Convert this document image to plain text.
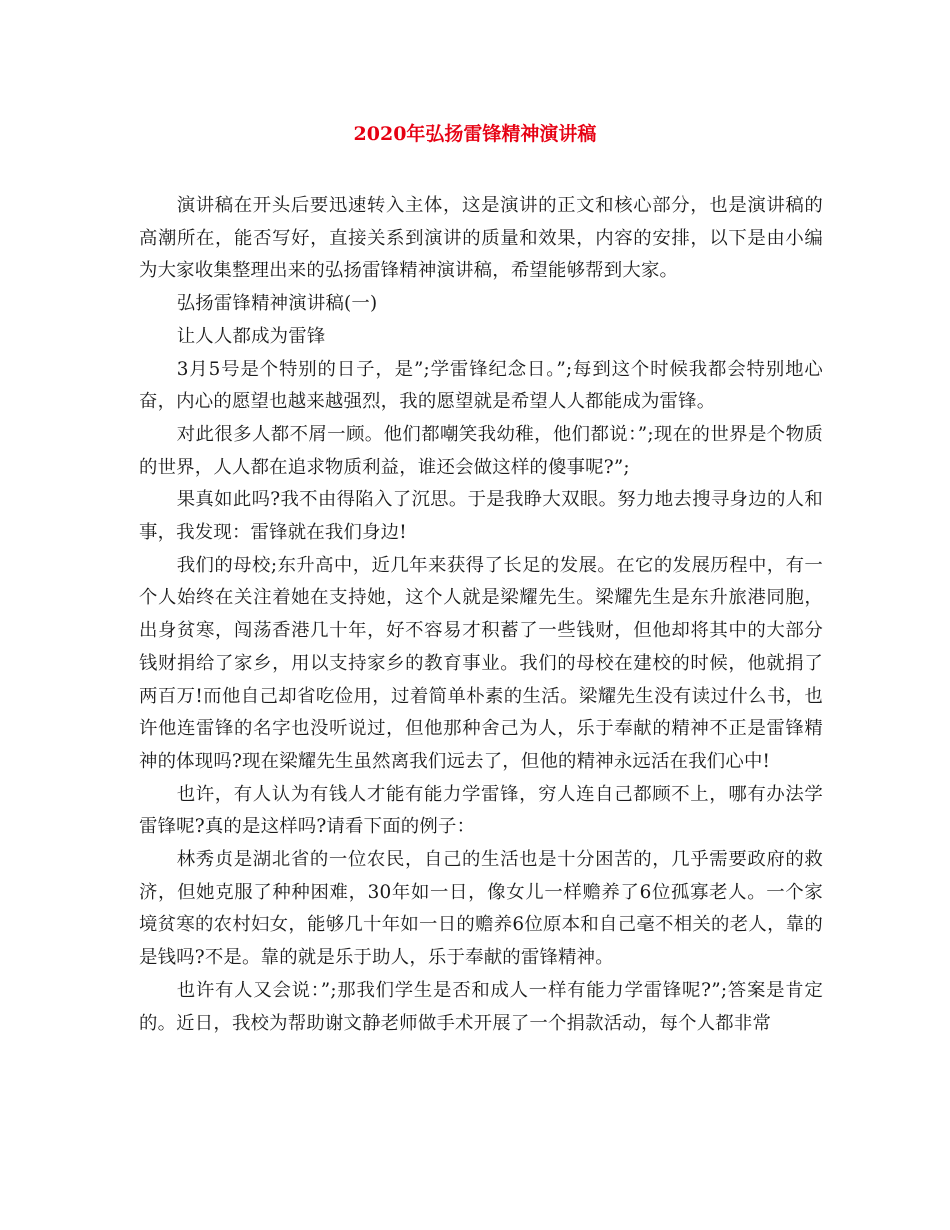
2020年弘扬雷锋精神演讲稿

演讲稿在开头后要迅速转入主体，这是演讲的正文和核心部分，也是演讲稿的高潮所在，能否写好，直接关系到演讲的质量和效果，内容的安排，以下是由小编为大家收集整理出来的弘扬雷锋精神演讲稿，希望能够帮到大家。

弘扬雷锋精神演讲稿(一)

让人人都成为雷锋

3月5号是个特别的日子，是”;学雷锋纪念日。”;每到这个时候我都会特别地心奋，内心的愿望也越来越强烈，我的愿望就是希望人人都能成为雷锋。

对此很多人都不屑一顾。他们都嘲笑我幼稚，他们都说：”;现在的世界是个物质的世界，人人都在追求物质利益，谁还会做这样的傻事呢?”;

果真如此吗?我不由得陷入了沉思。于是我睁大双眼。努力地去搜寻身边的人和事，我发现：雷锋就在我们身边!

我们的母校;东升高中，近几年来获得了长足的发展。在它的发展历程中，有一个人始终在关注着她在支持她，这个人就是梁耀先生。梁耀先生是东升旅港同胞，出身贫寒，闯荡香港几十年，好不容易才积蓄了一些钱财，但他却将其中的大部分钱财捐给了家乡，用以支持家乡的教育事业。我们的母校在建校的时候，他就捐了两百万!而他自己却省吃俭用，过着简单朴素的生活。梁耀先生没有读过什么书，也许他连雷锋的名字也没听说过，但他那种舍己为人，乐于奉献的精神不正是雷锋精神的体现吗?现在梁耀先生虽然离我们远去了，但他的精神永远活在我们心中!

也许，有人认为有钱人才能有能力学雷锋，穷人连自己都顾不上，哪有办法学雷锋呢?真的是这样吗?请看下面的例子：

林秀贞是湖北省的一位农民，自己的生活也是十分困苦的，几乎需要政府的救济，但她克服了种种困难，30年如一日，像女儿一样赡养了6位孤寡老人。一个家境贫寒的农村妇女，能够几十年如一日的赡养6位原本和自己毫不相关的老人，靠的是钱吗?不是。靠的就是乐于助人，乐于奉献的雷锋精神。

也许有人又会说：”;那我们学生是否和成人一样有能力学雷锋呢?”;答案是肯定的。近日，我校为帮助谢文静老师做手术开展了一个捐款活动，每个人都非常
